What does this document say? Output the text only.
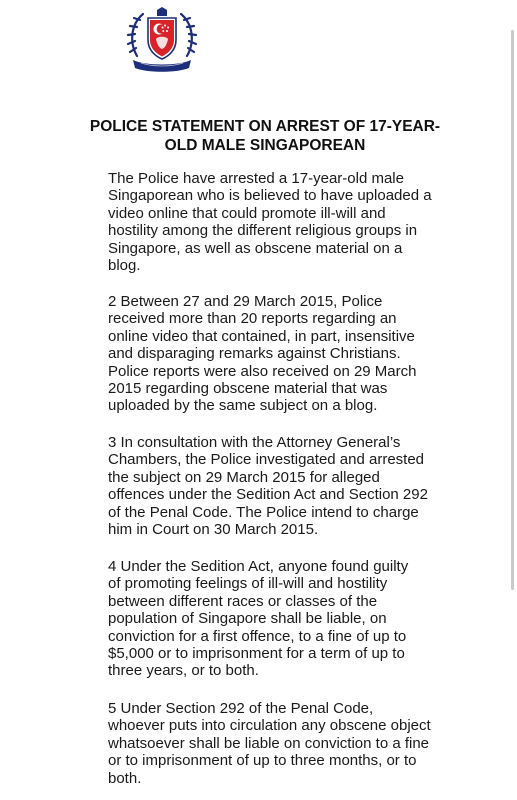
POLICE STATEMENT ON ARREST OF 17-YEAR-
OLD MALE SINGAPOREAN

The Police have arrested a 17-year-old male
Singaporean who is believed to have uploaded a
video online that could promote ill-will and
hostility among the different religious groups in
Singapore, as well as obscene material on a
blog.

2 Between 27 and 29 March 2015, Police
received more than 20 reports regarding an
online video that contained, in part, insensitive
and disparaging remarks against Christians.
Police reports were also received on 29 March
2015 regarding obscene material that was
uploaded by the same subject on a blog.

3 In consultation with the Attorney General’s
Chambers, the Police investigated and arrested
the subject on 29 March 2015 for alleged
offences under the Sedition Act and Section 292
of the Penal Code. The Police intend to charge
him in Court on 30 March 2015.

4 Under the Sedition Act, anyone found guilty
of promoting feelings of ill-will and hostility
between different races or classes of the
population of Singapore shall be liable, on
conviction for a first offence, to a fine of up to
$5,000 or to imprisonment for a term of up to
three years, or to both.

5 Under Section 292 of the Penal Code,
whoever puts into circulation any obscene object
whatsoever shall be liable on conviction to a fine
or to imprisonment of up to three months, or to
both.
